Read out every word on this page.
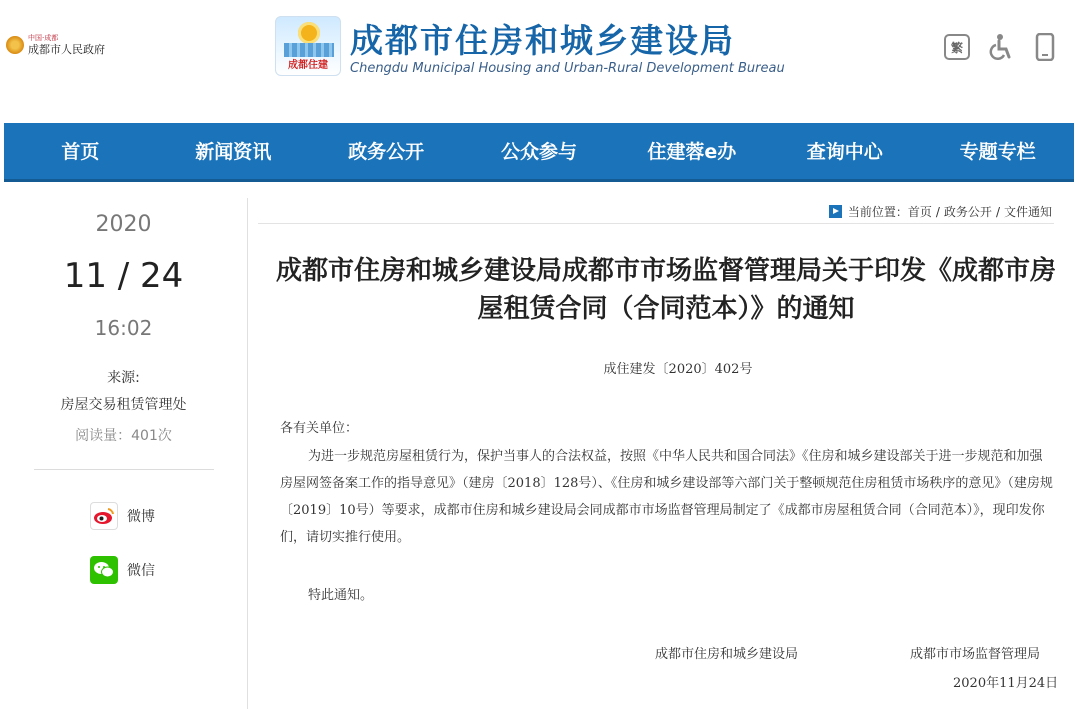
中国·成都
成都市人民政府
成都住建
成都市住房和城乡建设局
Chengdu Municipal Housing and Urban-Rural Development Bureau
繁
首页	新闻资讯	政务公开	公众参与	住建蓉e办	查询中心	专题专栏
2020
11 / 24
16:02
来源:
房屋交易租赁管理处
阅读量：401次
微博
微信
当前位置： 首页 / 政务公开 / 文件通知
成都市住房和城乡建设局成都市市场监督管理局关于印发《成都市房屋租赁合同（合同范本）》的通知
成住建发〔2020〕402号

各有关单位：

为进一步规范房屋租赁行为，保护当事人的合法权益，按照《中华人民共和国合同法》《住房和城乡建设部关于进一步规范和加强房屋网签备案工作的指导意见》（建房〔2018〕128号）、《住房和城乡建设部等六部门关于整顿规范住房租赁市场秩序的意见》（建房规〔2019〕10号）等要求，成都市住房和城乡建设局会同成都市市场监督管理局制定了《成都市房屋租赁合同（合同范本）》，现印发你们，请切实推行使用。

特此通知。
成都市住房和城乡建设局	成都市市场监督管理局
2020年11月24日
